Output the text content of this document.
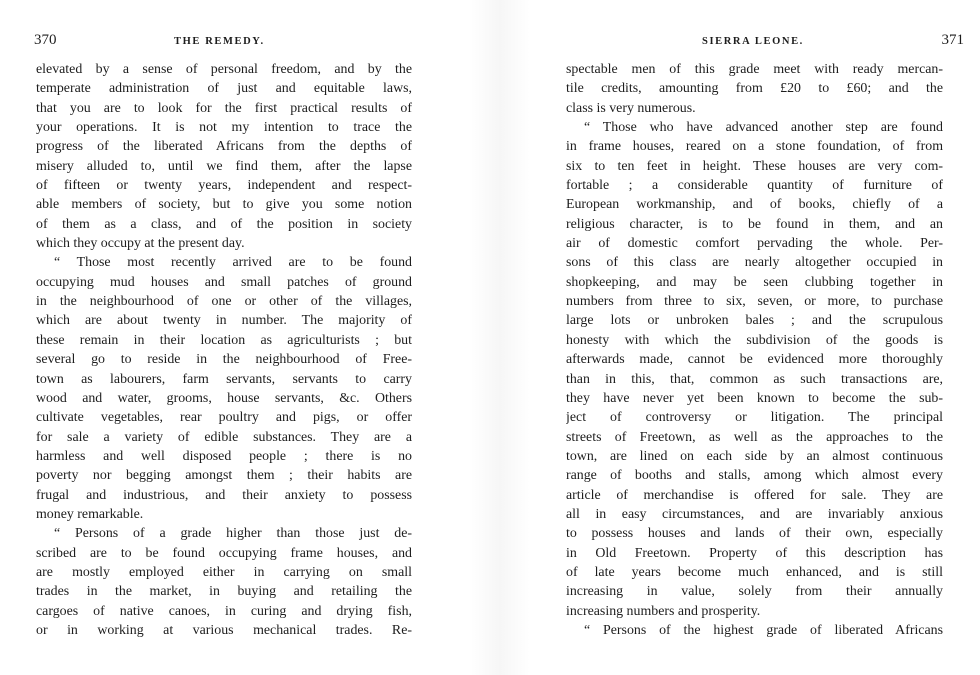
370	THE REMEDY.
elevated by a sense of personal freedom, and by the
temperate administration of just and equitable laws,
that you are to look for the first practical results of
your operations. It is not my intention to trace the
progress of the liberated Africans from the depths of
misery alluded to, until we find them, after the lapse
of fifteen or twenty years, independent and respect-
able members of society, but to give you some notion
of them as a class, and of the position in society
which they occupy at the present day.
“ Those most recently arrived are to be found
occupying mud houses and small patches of ground
in the neighbourhood of one or other of the villages,
which are about twenty in number. The majority of
these remain in their location as agriculturists ; but
several go to reside in the neighbourhood of Free-
town as labourers, farm servants, servants to carry
wood and water, grooms, house servants, &c. Others
cultivate vegetables, rear poultry and pigs, or offer
for sale a variety of edible substances. They are a
harmless and well disposed people ; there is no
poverty nor begging amongst them ; their habits are
frugal and industrious, and their anxiety to possess
money remarkable.
“ Persons of a grade higher than those just de-
scribed are to be found occupying frame houses, and
are mostly employed either in carrying on small
trades in the market, in buying and retailing the
cargoes of native canoes, in curing and drying fish,
or in working at various mechanical trades. Re-
SIERRA LEONE.	371
spectable men of this grade meet with ready mercan-
tile credits, amounting from £20 to £60; and the
class is very numerous.
“ Those who have advanced another step are found
in frame houses, reared on a stone foundation, of from
six to ten feet in height. These houses are very com-
fortable ; a considerable quantity of furniture of
European workmanship, and of books, chiefly of a
religious character, is to be found in them, and an
air of domestic comfort pervading the whole. Per-
sons of this class are nearly altogether occupied in
shopkeeping, and may be seen clubbing together in
numbers from three to six, seven, or more, to purchase
large lots or unbroken bales ; and the scrupulous
honesty with which the subdivision of the goods is
afterwards made, cannot be evidenced more thoroughly
than in this, that, common as such transactions are,
they have never yet been known to become the sub-
ject of controversy or litigation. The principal
streets of Freetown, as well as the approaches to the
town, are lined on each side by an almost continuous
range of booths and stalls, among which almost every
article of merchandise is offered for sale. They are
all in easy circumstances, and are invariably anxious
to possess houses and lands of their own, especially
in Old Freetown. Property of this description has
of late years become much enhanced, and is still
increasing in value, solely from their annually
increasing numbers and prosperity.
“ Persons of the highest grade of liberated Africans
